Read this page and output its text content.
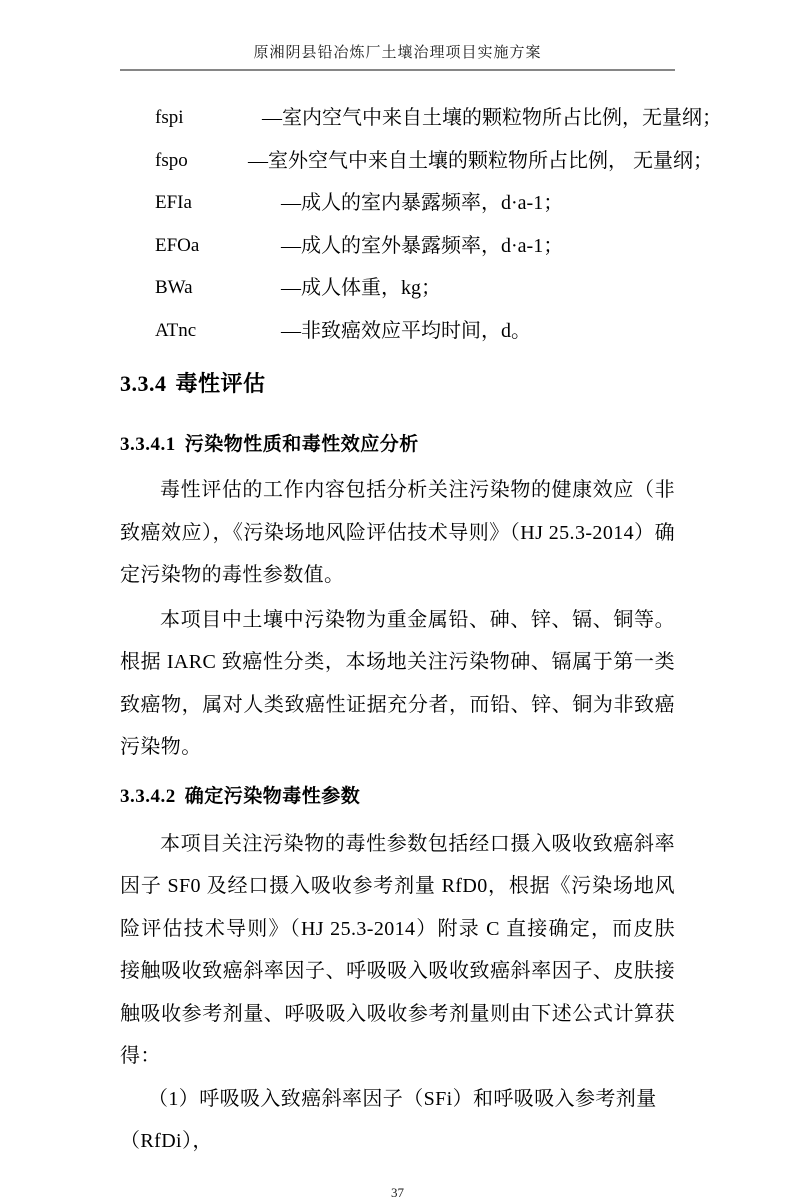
原湘阴县铅冶炼厂土壤治理项目实施方案
fspi	—室内空气中来自土壤的颗粒物所占比例，无量纲；
fspo	—室外空气中来自土壤的颗粒物所占比例， 无量纲；
EFIa	—成人的室内暴露频率，d·a-1；
EFOa	—成人的室外暴露频率，d·a-1；
BWa	—成人体重，kg；
ATnc	—非致癌效应平均时间，d。
3.3.4 毒性评估
3.3.4.1 污染物性质和毒性效应分析

毒性评估的工作内容包括分析关注污染物的健康效应（非致癌效应），《污染场地风险评估技术导则》（HJ 25.3-2014）确定污染物的毒性参数值。

本项目中土壤中污染物为重金属铅、砷、锌、镉、铜等。根据 IARC 致癌性分类，本场地关注污染物砷、镉属于第一类致癌物，属对人类致癌性证据充分者，而铅、锌、铜为非致癌污染物。

3.3.4.2 确定污染物毒性参数

本项目关注污染物的毒性参数包括经口摄入吸收致癌斜率因子 SF0 及经口摄入吸收参考剂量 RfD0，根据《污染场地风险评估技术导则》（HJ 25.3-2014）附录 C 直接确定，而皮肤接触吸收致癌斜率因子、呼吸吸入吸收致癌斜率因子、皮肤接触吸收参考剂量、呼吸吸入吸收参考剂量则由下述公式计算获得：

（1）呼吸吸入致癌斜率因子（SFi）和呼吸吸入参考剂量（RfDi），

37
